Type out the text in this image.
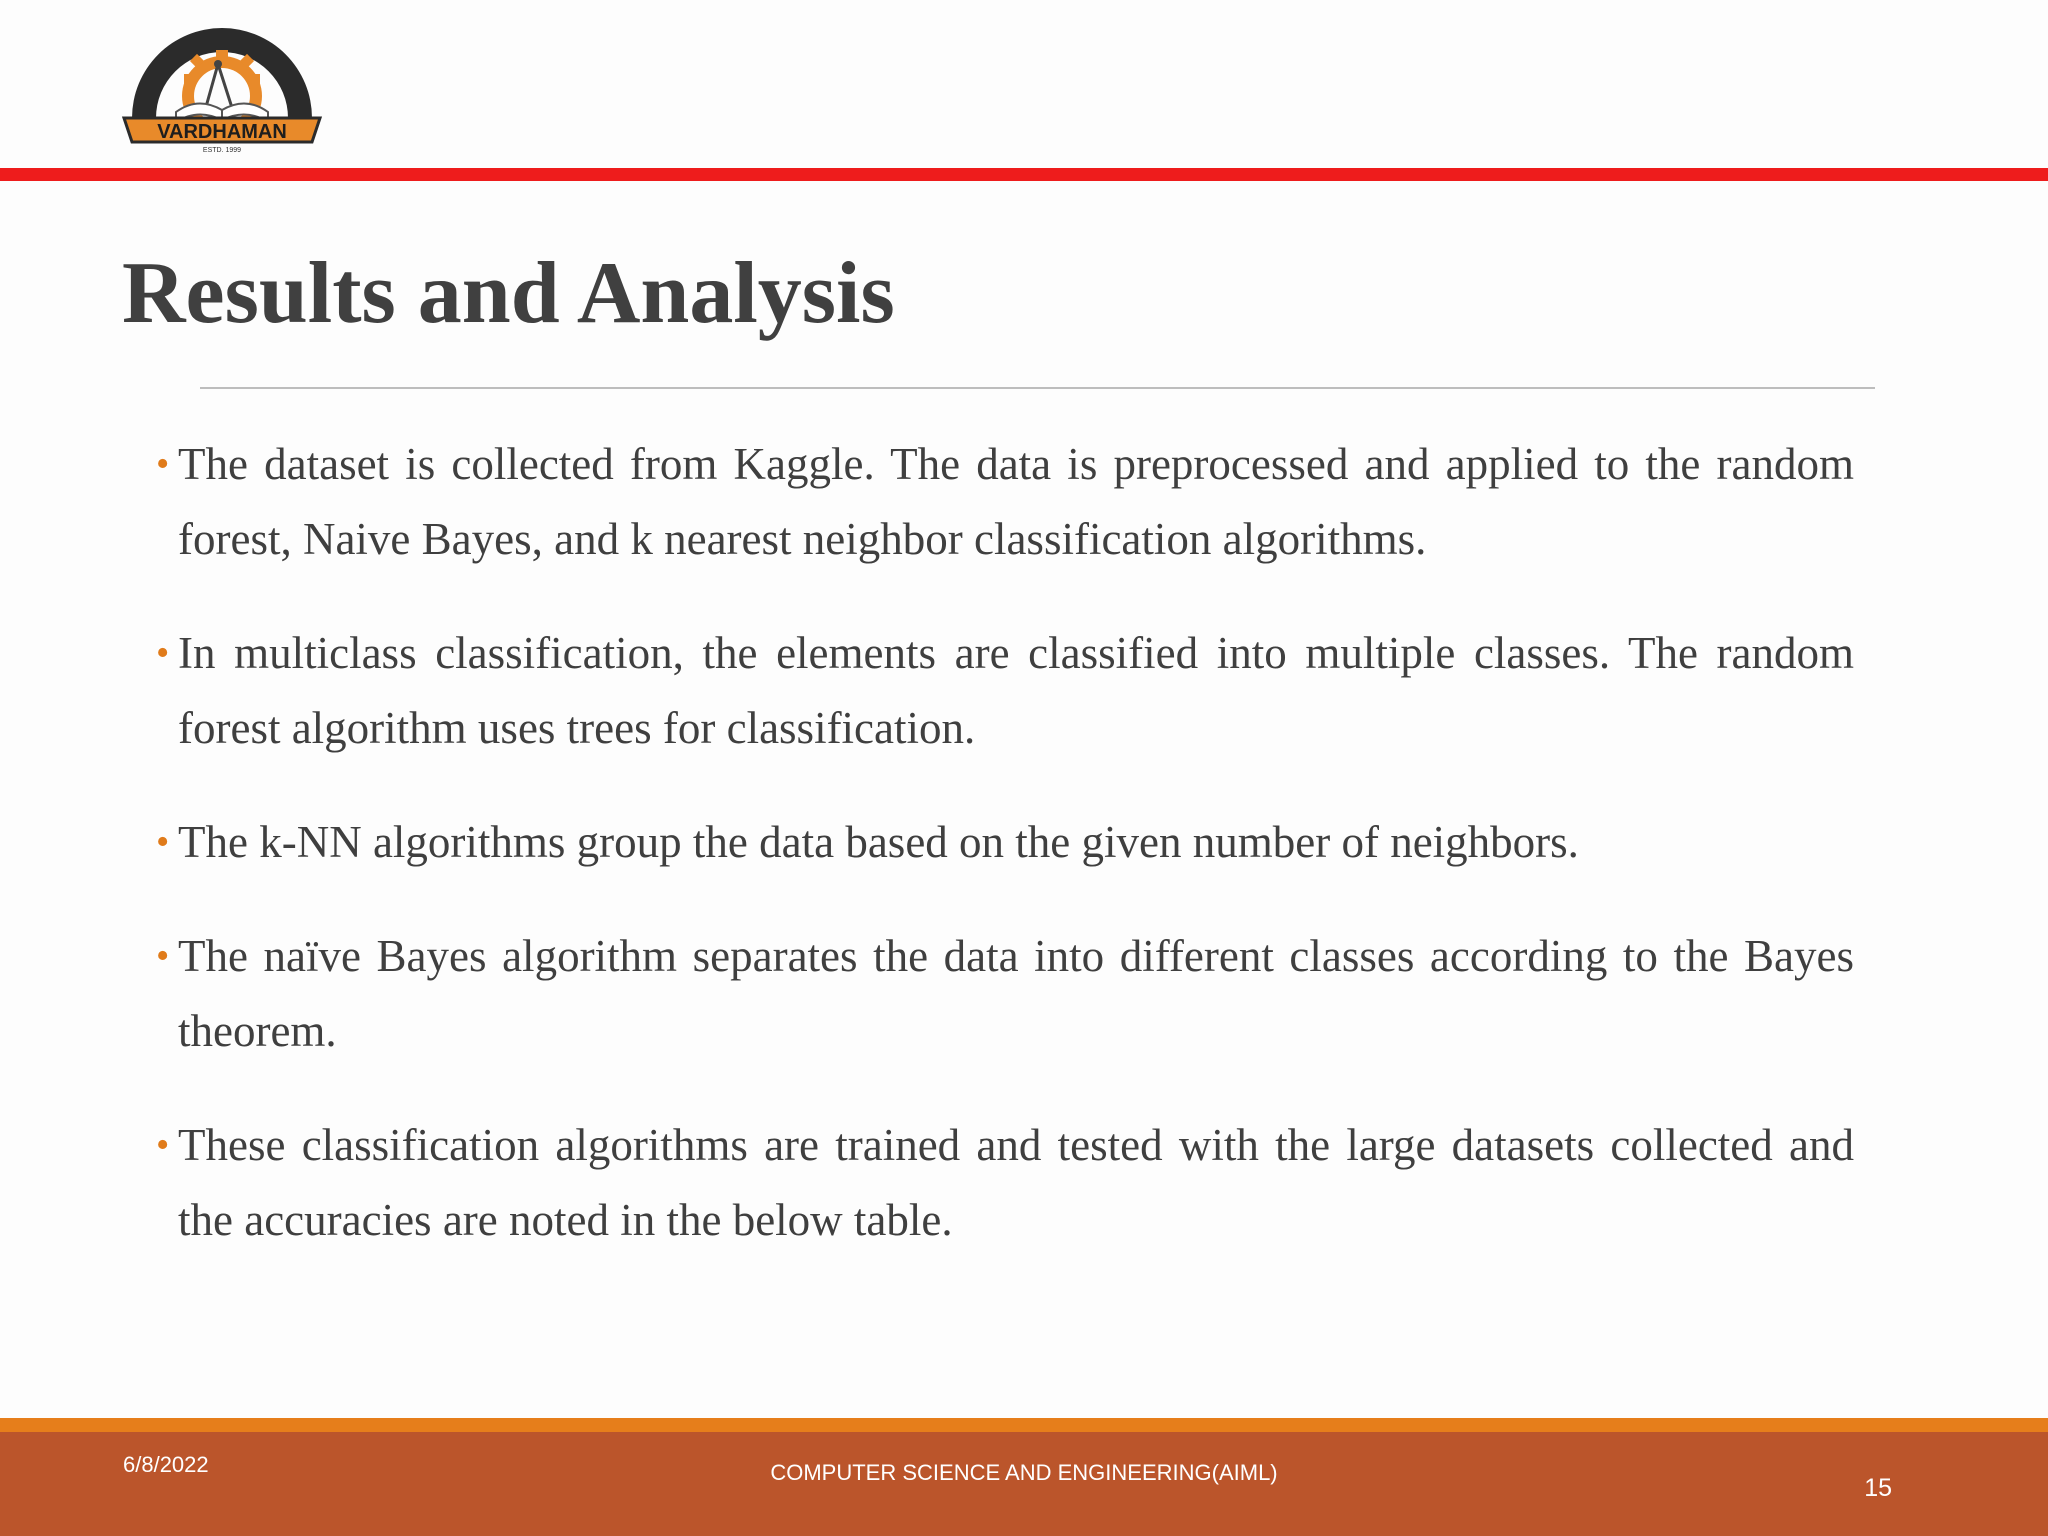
VARDHAMAN
ESTD. 1999
Results and Analysis
• The dataset is collected from Kaggle. The data is preprocessed and applied to the random forest, Naive Bayes, and k nearest neighbor classification algorithms.
• In multiclass classification, the elements are classified into multiple classes. The random forest algorithm uses trees for classification.
• The k-NN algorithms group the data based on the given number of neighbors.
• The naïve Bayes algorithm separates the data into different classes according to the Bayes theorem.
• These classification algorithms are trained and tested with the large datasets collected and the accuracies are noted in the below table.
6/8/2022	COMPUTER SCIENCE AND ENGINEERING(AIML)
15
